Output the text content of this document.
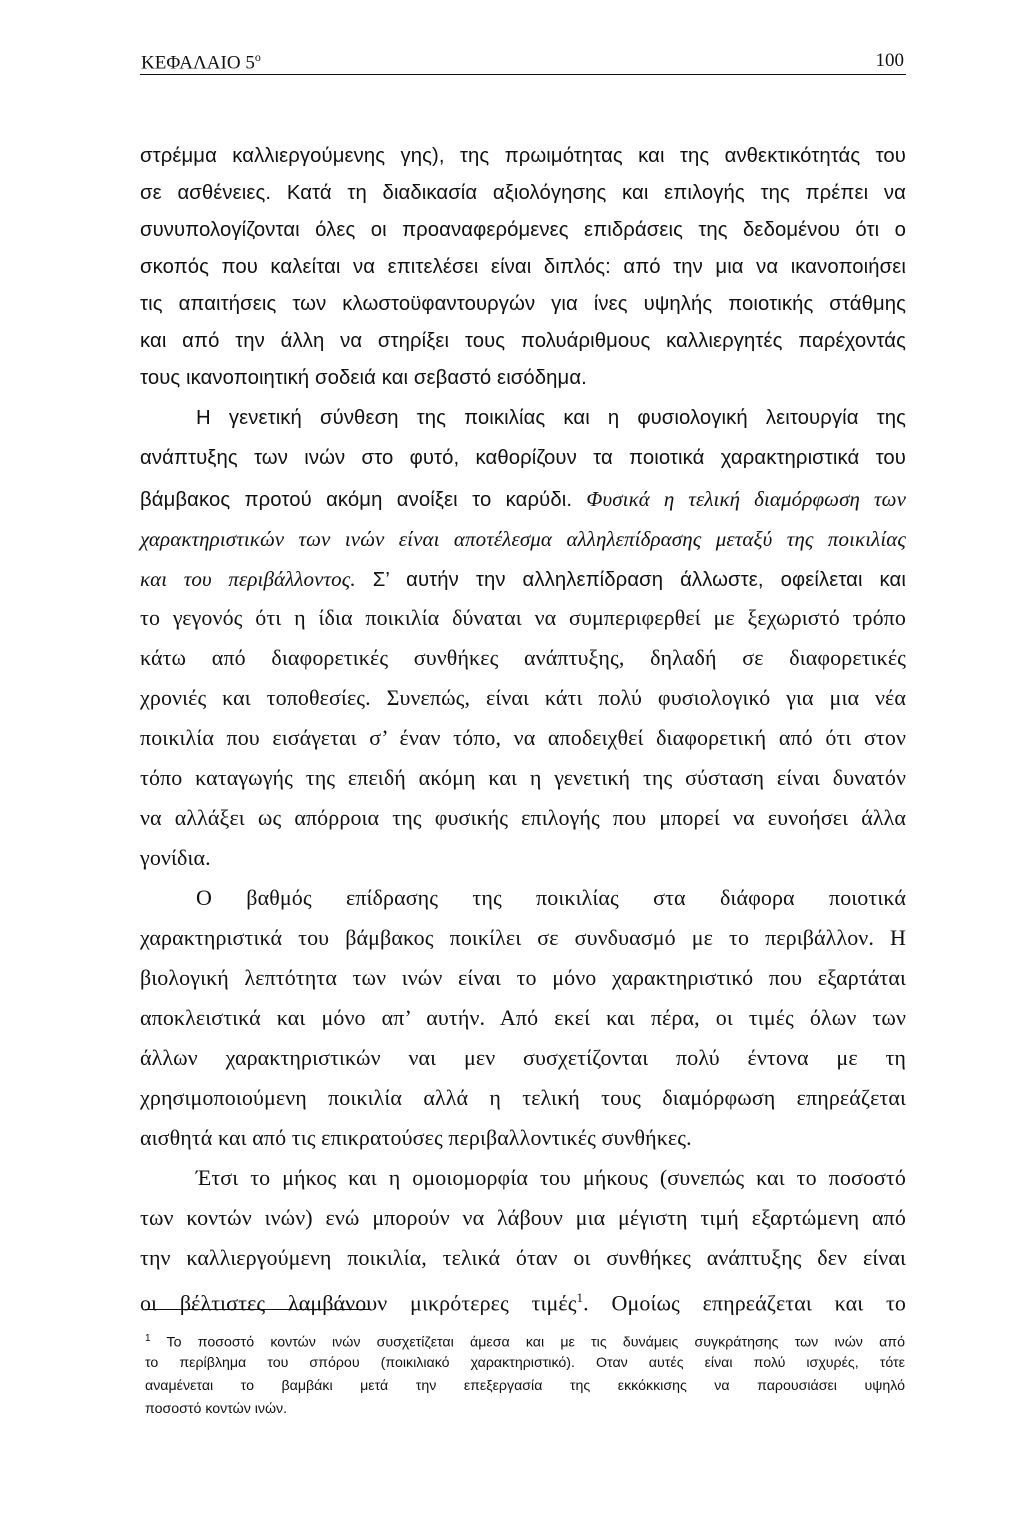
ΚΕΦΑΛΑΙΟ $5^o$	100
στρέμμα καλλιεργούμενης γης), της πρωιμότητας και της ανθεκτικότητάς του
σε ασθένειες. Κατά τη διαδικασία αξιολόγησης και επιλογής της πρέπει να
συνυπολογίζονται όλες οι προαναφερόμενες επιδράσεις της δεδομένου ότι ο
σκοπός που καλείται να επιτελέσει είναι διπλός: από την μια να ικανοποιήσει
τις απαιτήσεις των κλωστοϋφαντουργών για ίνες υψηλής ποιοτικής στάθμης
και από την άλλη να στηρίξει τους πολυάριθμους καλλιεργητές παρέχοντάς
τους ικανοποιητική σοδειά και σεβαστό εισόδημα.
Η γενετική σύνθεση της ποικιλίας και η φυσιολογική λειτουργία της
ανάπτυξης των ινών στο φυτό, καθορίζουν τα ποιοτικά χαρακτηριστικά του
βάμβακος προτού ακόμη ανοίξει το καρύδι. Φυσικά η τελική διαμόρφωση των
χαρακτηριστικών των ινών είναι αποτέλεσμα αλληλεπίδρασης μεταξύ της ποικιλίας
και του περιβάλλοντος. Σ’ αυτήν την αλληλεπίδραση άλλωστε, οφείλεται και
το γεγονός ότι η ίδια ποικιλία δύναται να συμπεριφερθεί με ξεχωριστό τρόπο
κάτω από διαφορετικές συνθήκες ανάπτυξης, δηλαδή σε διαφορετικές
χρονιές και τοποθεσίες. Συνεπώς, είναι κάτι πολύ φυσιολογικό για μια νέα
ποικιλία που εισάγεται σ’ έναν τόπο, να αποδειχθεί διαφορετική από ότι στον
τόπο καταγωγής της επειδή ακόμη και η γενετική της σύσταση είναι δυνατόν
να αλλάξει ως απόρροια της φυσικής επιλογής που μπορεί να ευνοήσει άλλα
γονίδια.
Ο βαθμός επίδρασης της ποικιλίας στα διάφορα ποιοτικά
χαρακτηριστικά του βάμβακος ποικίλει σε συνδυασμό με το περιβάλλον. Η
βιολογική λεπτότητα των ινών είναι το μόνο χαρακτηριστικό που εξαρτάται
αποκλειστικά και μόνο απ’ αυτήν. Από εκεί και πέρα, οι τιμές όλων των
άλλων χαρακτηριστικών ναι μεν συσχετίζονται πολύ έντονα με τη
χρησιμοποιούμενη ποικιλία αλλά η τελική τους διαμόρφωση επηρεάζεται
αισθητά και από τις επικρατούσες περιβαλλοντικές συνθήκες.
Έτσι το μήκος και η ομοιομορφία του μήκους (συνεπώς και το ποσοστό
των κοντών ινών) ενώ μπορούν να λάβουν μια μέγιστη τιμή εξαρτώμενη από
την καλλιεργούμενη ποικιλία, τελικά όταν οι συνθήκες ανάπτυξης δεν είναι
οι βέλτιστες λαμβάνουν μικρότερες τιμές$^1$. Ομοίως επηρεάζεται και το
$^1$ Το ποσοστό κοντών ινών συσχετίζεται άμεσα και με τις δυνάμεις συγκράτησης των ινών από
το περίβλημα του σπόρου (ποικιλιακό χαρακτηριστικό). Οταν αυτές είναι πολύ ισχυρές, τότε
αναμένεται το βαμβάκι μετά την επεξεργασία της εκκόκκισης να παρουσιάσει υψηλό
ποσοστό κοντών ινών.
